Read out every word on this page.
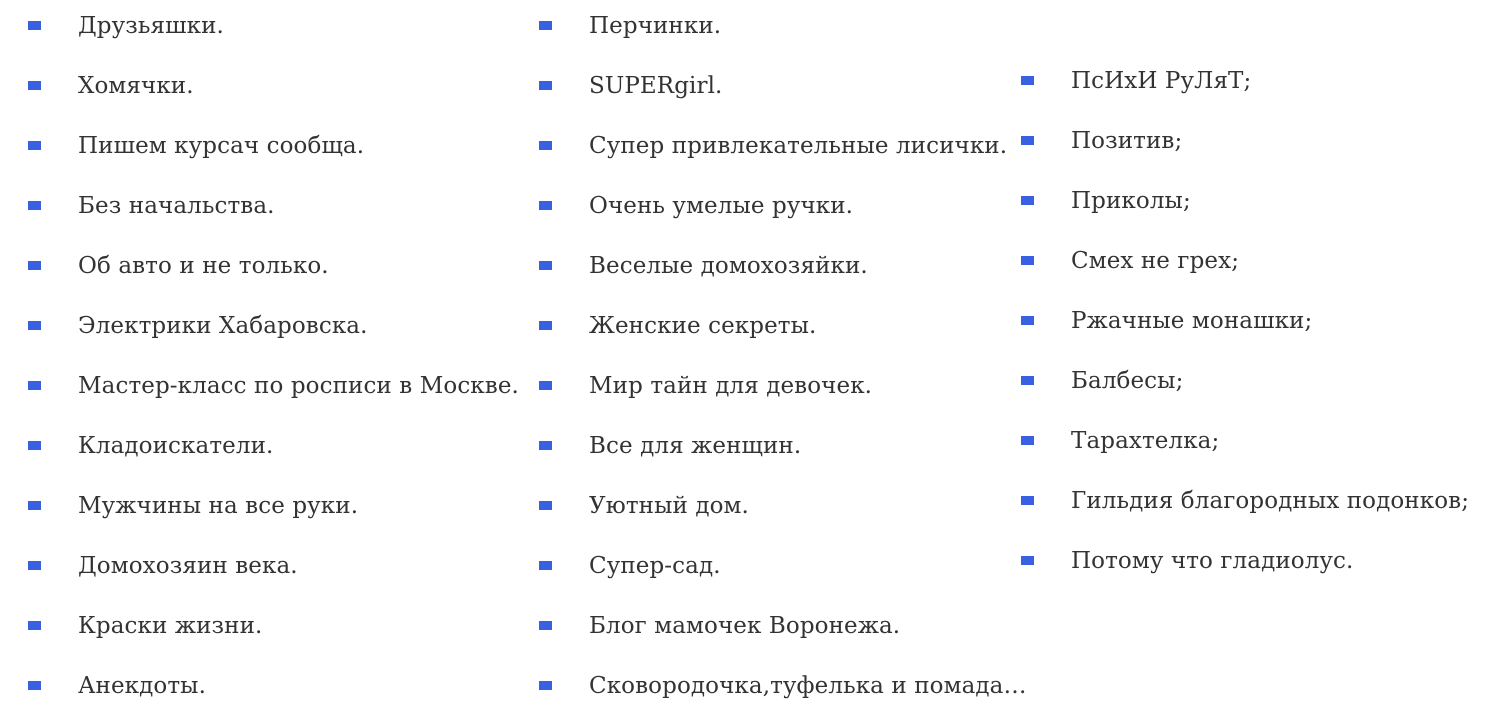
Друзьяшки.
Хомячки.
Пишем курсач сообща.
Без начальства.
Об авто и не только.
Электрики Хабаровска.
Мастер-класс по росписи в Москве.
Кладоискатели.
Мужчины на все руки.
Домохозяин века.
Краски жизни.
Анекдоты.
Перчинки.
SUPERgirl.
Супер привлекательные лисички.
Очень умелые ручки.
Веселые домохозяйки.
Женские секреты.
Мир тайн для девочек.
Все для женщин.
Уютный дом.
Супер-сад.
Блог мамочек Воронежа.
Сковородочка,туфелька и помада…
ПсИхИ РуЛяТ;
Позитив;
Приколы;
Смех не грех;
Ржачные монашки;
Балбесы;
Тарахтелка;
Гильдия благородных подонков;
Потому что гладиолус.
